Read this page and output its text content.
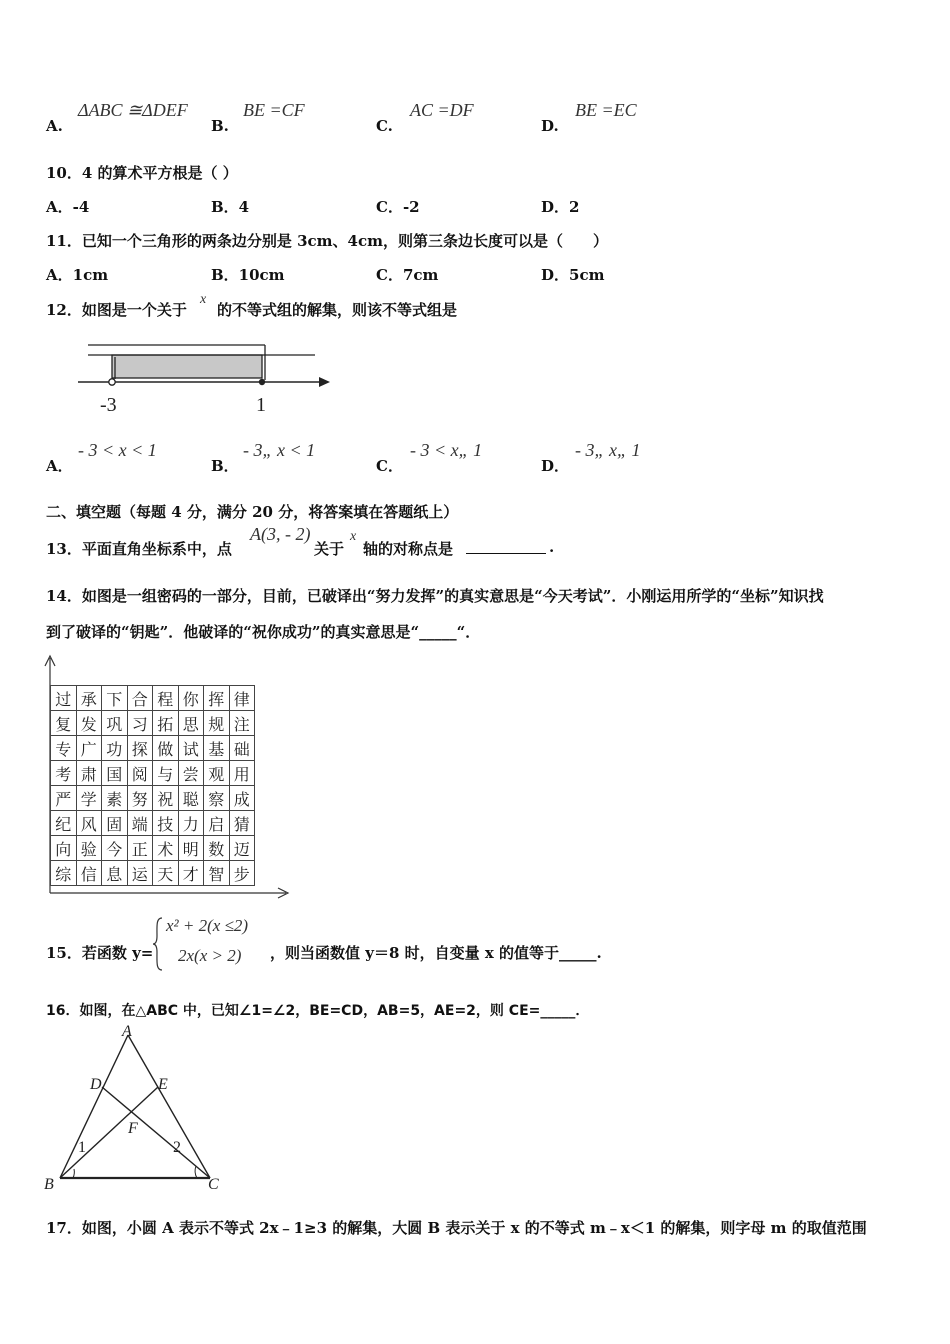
A.
ΔABC ≅ΔDEF
B.
BE =CF
C.
AC =DF
D.
BE =EC
10．4 的算术平方根是（ ）
A．-4	B．4	C．-2	D．2
11．已知一个三角形的两条边分别是 3cm、4cm，则第三条边长度可以是（　　）
A．1cm	B．10cm	C．7cm	D．5cm
12．如图是一个关于
x
的不等式组的解集，则该不等式组是
-3	1
A．
- 3 < x < 1
B．
- 3„ x < 1
C．
- 3 < x„ 1
D．
- 3„ x„ 1
二、填空题（每题 4 分，满分 20 分，将答案填在答题纸上）
13．平面直角坐标系中，点
A(3, - 2)
关于
x
轴的对称点是	.
14．如图是一组密码的一部分，目前，已破译出“努力发挥”的真实意思是“今天考试”．小刚运用所学的“坐标”知识找
到了破译的“钥匙”．他破译的“祝你成功”的真实意思是“_____“．
过	承	下	合	程	你	挥	律
复	发	巩	习	拓	思	规	注
专	广	功	探	做	试	基	础
考	肃	国	阅	与	尝	观	用
严	学	素	努	祝	聪	察	成
纪	风	固	端	技	力	启	猜
向	验	今	正	术	明	数	迈
综	信	息	运	天	才	智	步
15．若函数 y=
x² + 2(x ≤2)
2x(x > 2) ，则当函数值 y＝8 时，自变量 x 的值等于_____.
16．如图，在△ABC 中，已知∠1=∠2，BE=CD，AB=5，AE=2，则 CE=_____．
A
B	C
D	E
F
1	2
17．如图，小圆 A 表示不等式 2x﹣1≥3 的解集，大圆 B 表示关于 x 的不等式 m﹣x＜1 的解集，则字母 m 的取值范围
